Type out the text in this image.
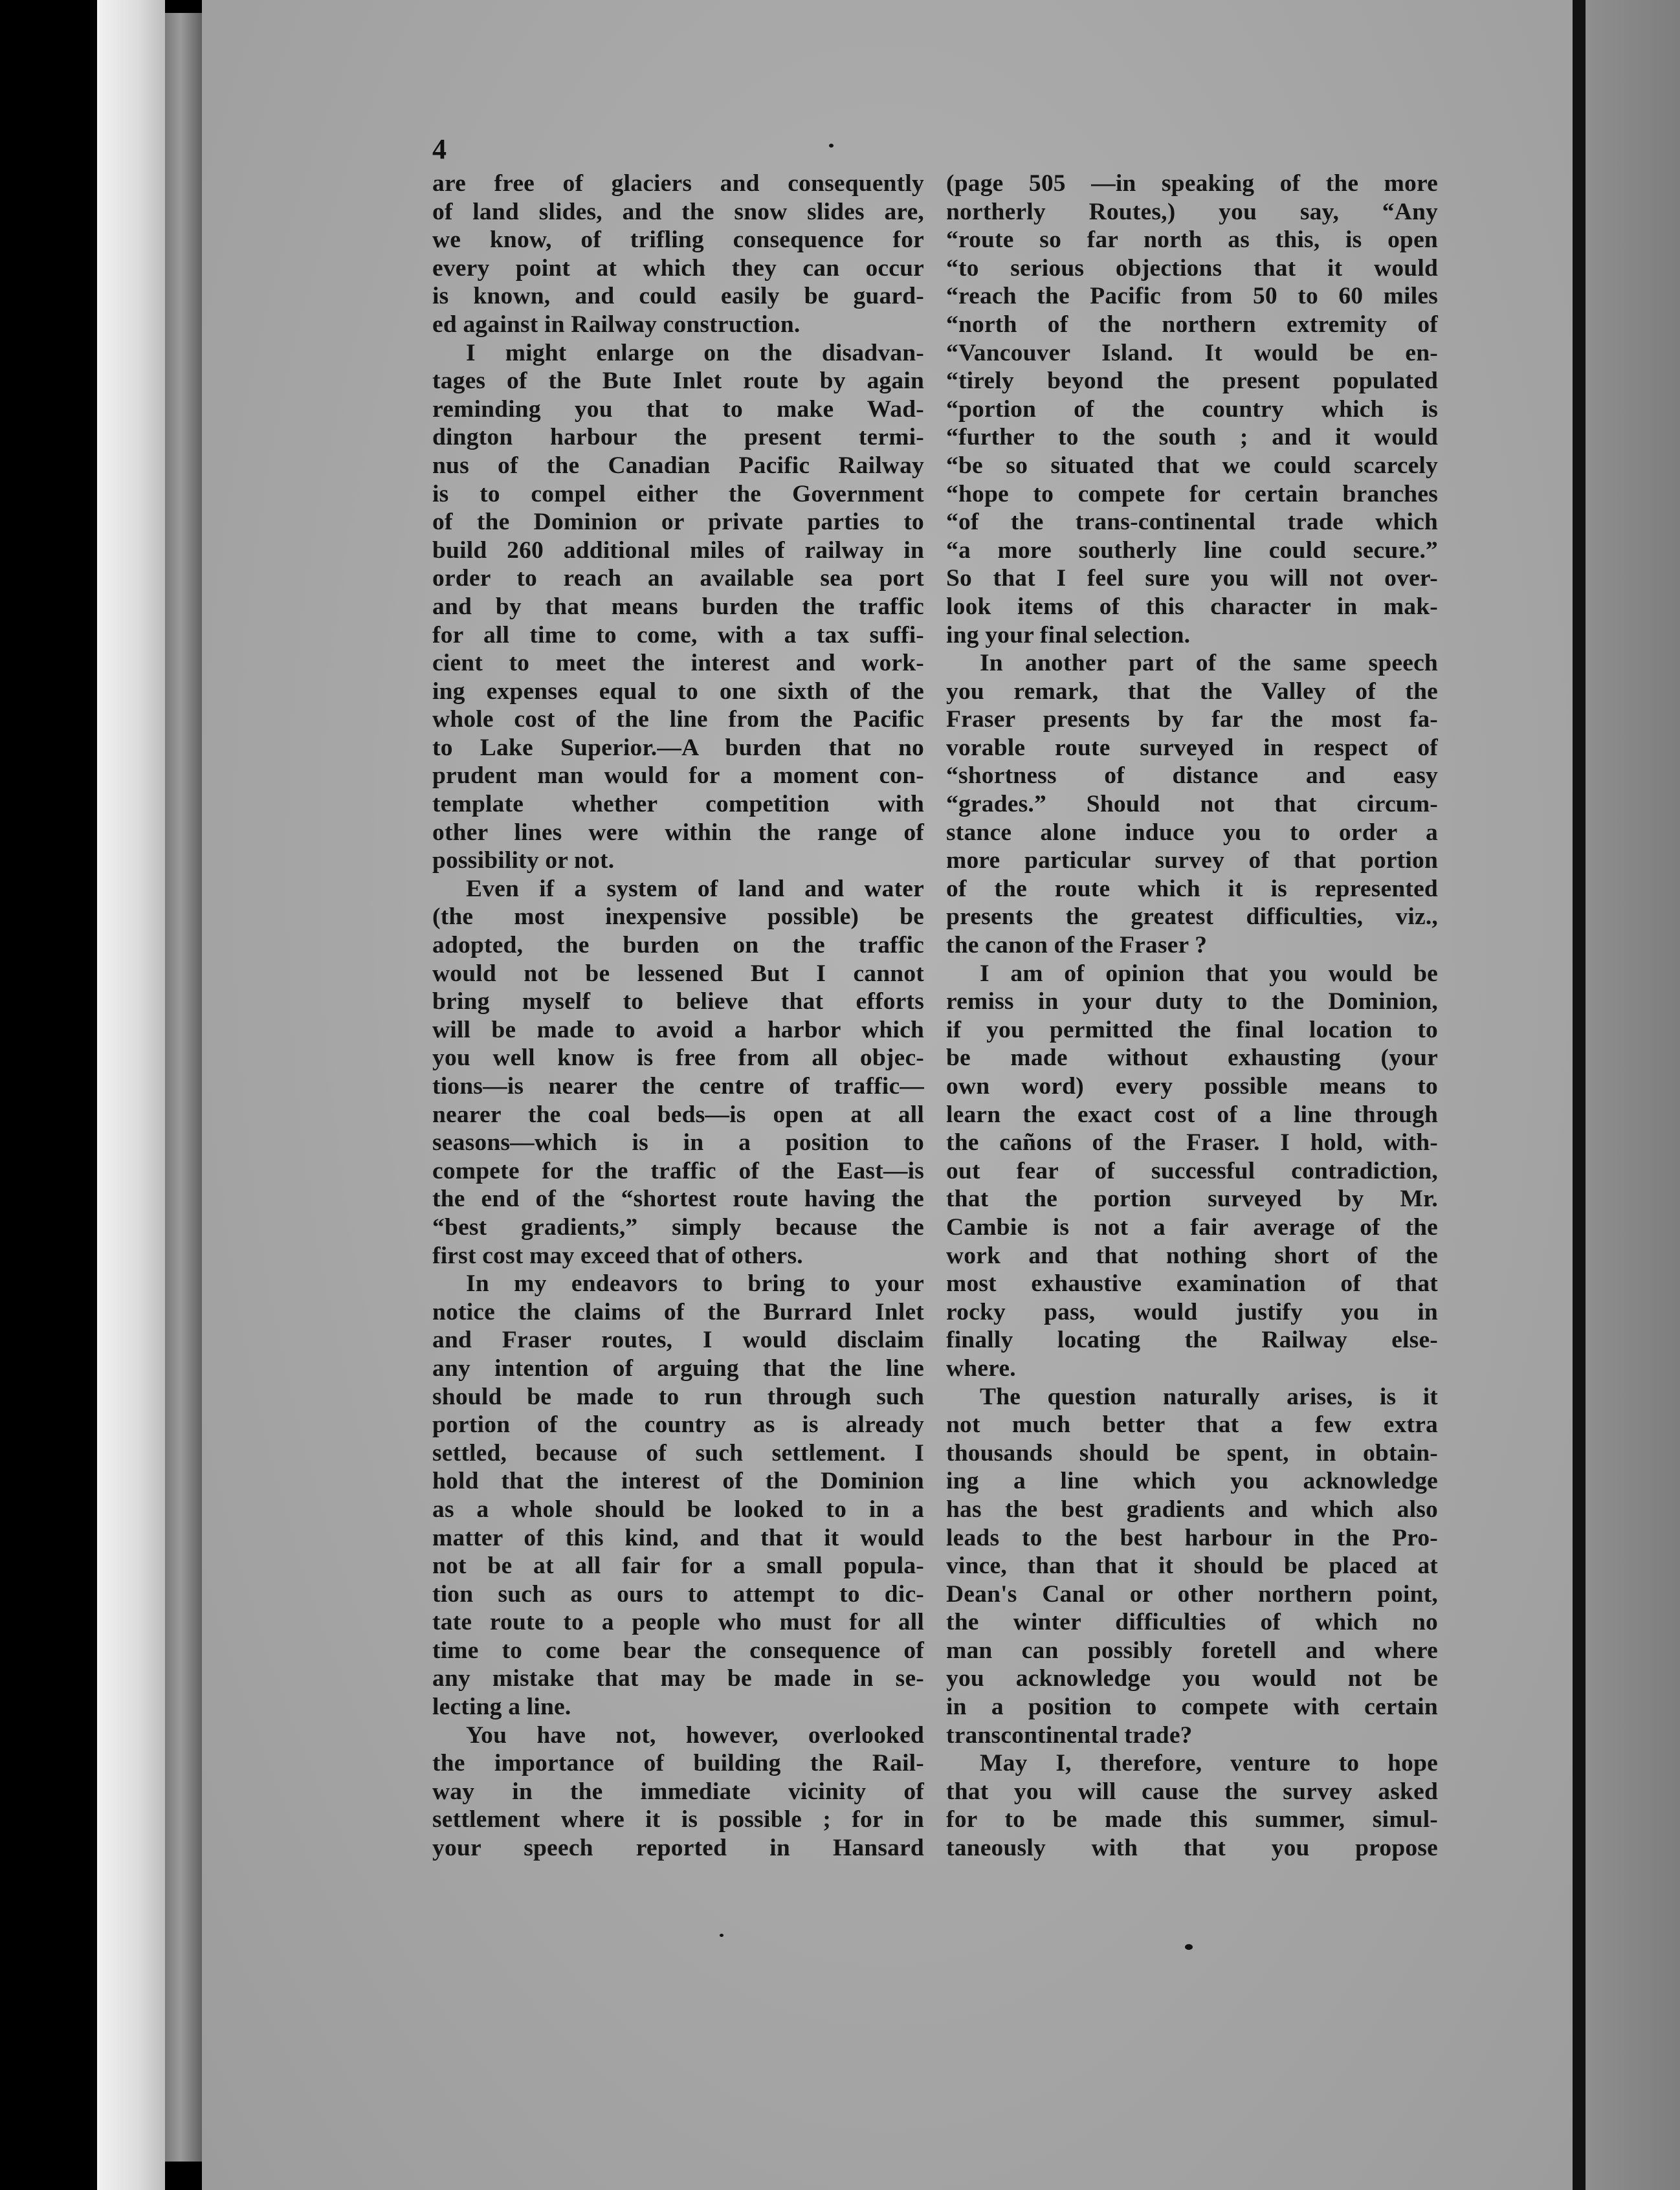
4
are free of glaciers and consequently
of land slides, and the snow slides are,
we know, of trifling consequence for
every point at which they can occur
is known, and could easily be guard-
ed against in Railway construction.
I might enlarge on the disadvan-
tages of the Bute Inlet route by again
reminding you that to make Wad-
dington harbour the present termi-
nus of the Canadian Pacific Railway
is to compel either the Government
of the Dominion or private parties to
build 260 additional miles of railway in
order to reach an available sea port
and by that means burden the traffic
for all time to come, with a tax suffi-
cient to meet the interest and work-
ing expenses equal to one sixth of the
whole cost of the line from the Pacific
to Lake Superior.—A burden that no
prudent man would for a moment con-
template whether competition with
other lines were within the range of
possibility or not.
Even if a system of land and water
(the most inexpensive possible) be
adopted, the burden on the traffic
would not be lessened But I cannot
bring myself to believe that efforts
will be made to avoid a harbor which
you well know is free from all objec-
tions—is nearer the centre of traffic—
nearer the coal beds—is open at all
seasons—which is in a position to
compete for the traffic of the East—is
the end of the “shortest route having the
“best gradients,” simply because the
first cost may exceed that of others.
In my endeavors to bring to your
notice the claims of the Burrard Inlet
and Fraser routes, I would disclaim
any intention of arguing that the line
should be made to run through such
portion of the country as is already
settled, because of such settlement. I
hold that the interest of the Dominion
as a whole should be looked to in a
matter of this kind, and that it would
not be at all fair for a small popula-
tion such as ours to attempt to dic-
tate route to a people who must for all
time to come bear the consequence of
any mistake that may be made in se-
lecting a line.
You have not, however, overlooked
the importance of building the Rail-
way in the immediate vicinity of
settlement where it is possible ; for in
your speech reported in Hansard
(page 505 —in speaking of the more
northerly Routes,) you say, “Any
“route so far north as this, is open
“to serious objections that it would
“reach the Pacific from 50 to 60 miles
“north of the northern extremity of
“Vancouver Island. It would be en-
“tirely beyond the present populated
“portion of the country which is
“further to the south ; and it would
“be so situated that we could scarcely
“hope to compete for certain branches
“of the trans-continental trade which
“a more southerly line could secure.”
So that I feel sure you will not over-
look items of this character in mak-
ing your final selection.
In another part of the same speech
you remark, that the Valley of the
Fraser presents by far the most fa-
vorable route surveyed in respect of
“shortness of distance and easy
“grades.” Should not that circum-
stance alone induce you to order a
more particular survey of that portion
of the route which it is represented
presents the greatest difficulties, viz.,
the canon of the Fraser ?
I am of opinion that you would be
remiss in your duty to the Dominion,
if you permitted the final location to
be made without exhausting (your
own word) every possible means to
learn the exact cost of a line through
the cañons of the Fraser. I hold, with-
out fear of successful contradiction,
that the portion surveyed by Mr.
Cambie is not a fair average of the
work and that nothing short of the
most exhaustive examination of that
rocky pass, would justify you in
finally locating the Railway else-
where.
The question naturally arises, is it
not much better that a few extra
thousands should be spent, in obtain-
ing a line which you acknowledge
has the best gradients and which also
leads to the best harbour in the Pro-
vince, than that it should be placed at
Dean's Canal or other northern point,
the winter difficulties of which no
man can possibly foretell and where
you acknowledge you would not be
in a position to compete with certain
transcontinental trade?
May I, therefore, venture to hope
that you will cause the survey asked
for to be made this summer, simul-
taneously with that you propose
